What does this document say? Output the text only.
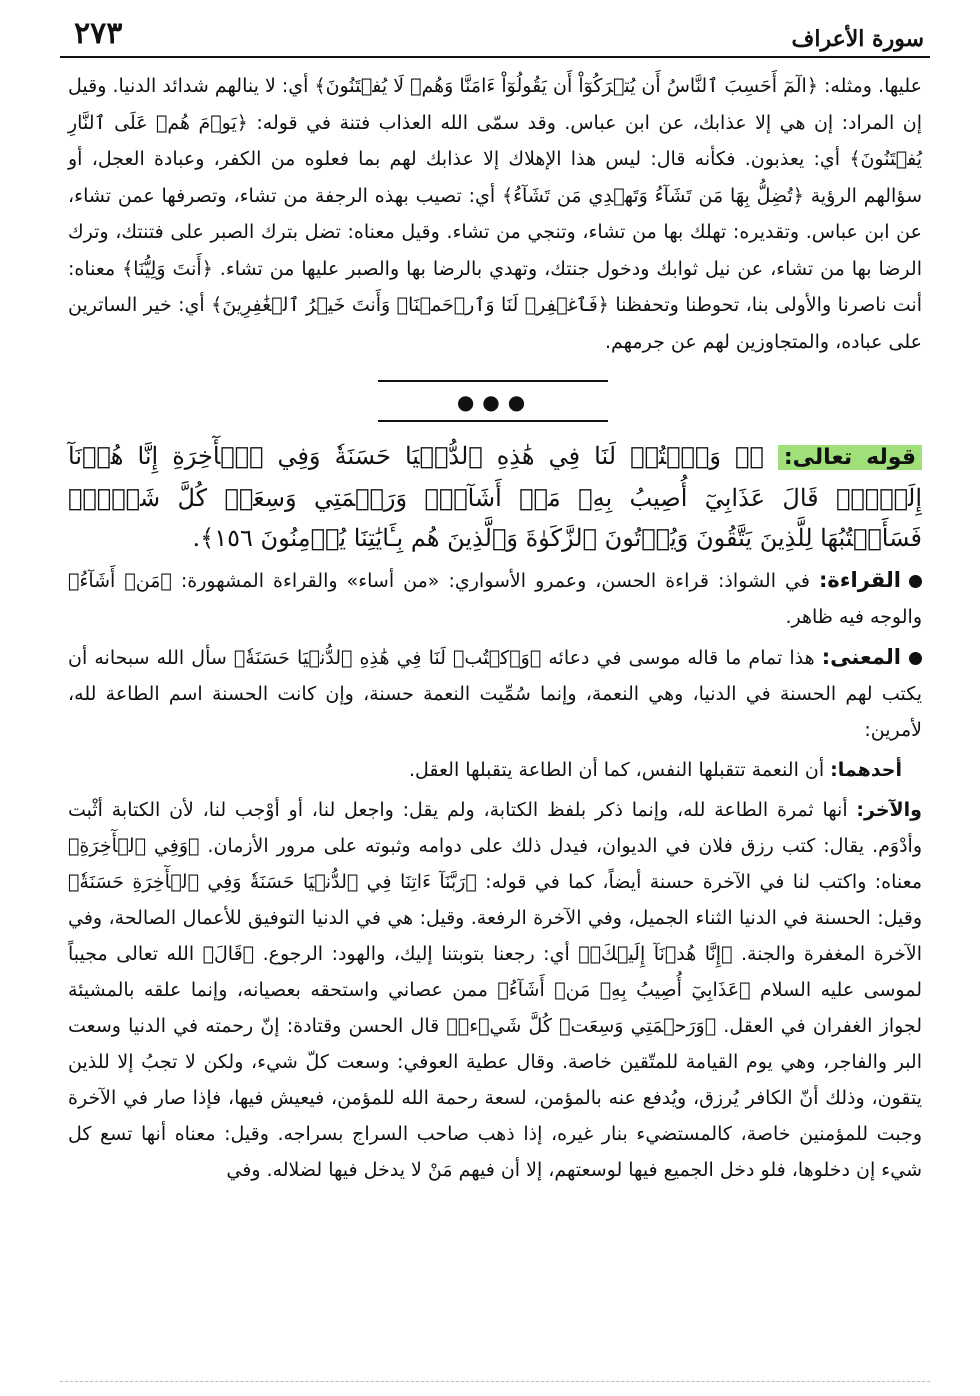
سورة الأعراف
٢٧٣

عليها. ومثله: ﴿الٓمٓ أَحَسِبَ ٱلنَّاسُ أَن يُتۡرَكُوٓاْ أَن يَقُولُوٓاْ ءَامَنَّا وَهُمۡ لَا يُفۡتَنُونَ﴾ أي: لا ينالهم شدائد الدنيا. وقيل إن المراد: إن هي إلا عذابك، عن ابن عباس. وقد سمّى الله العذاب فتنة في قوله: ﴿يَوۡمَ هُمۡ عَلَى ٱلنَّارِ يُفۡتَنُونَ﴾ أي: يعذبون. فكأنه قال: ليس هذا الإهلاك إلا عذابك لهم بما فعلوه من الكفر، وعبادة العجل، أو سؤالهم الرؤية ﴿تُضِلُّ بِهَا مَن تَشَآءُ وَتَهۡدِي مَن تَشَآءُ﴾ أي: تصيب بهذه الرجفة من تشاء، وتصرفها عمن تشاء، عن ابن عباس. وتقديره: تهلك بها من تشاء، وتنجي من تشاء. وقيل معناه: تضل بترك الصبر على فتنتك، وترك الرضا بها من تشاء، عن نيل ثوابك ودخول جنتك، وتهدي بالرضا بها والصبر عليها من تشاء. ﴿أَنتَ وَلِيُّنَا﴾ معناه: أنت ناصرنا والأولى بنا، تحوطنا وتحفظنا ﴿فَٱغۡفِرۡ لَنَا وَٱرۡحَمۡنَاۖ وَأَنتَ خَيۡرُ ٱلۡغَٰفِرِينَ﴾ أي: خير الساترين على عباده، والمتجاوزين لهم عن جرمهم.

●●●

قوله تعالى: ﴿۞ وَٱكۡتُبۡ لَنَا فِي هَٰذِهِ ٱلدُّنۡيَا حَسَنَةٗ وَفِي ٱلۡأٓخِرَةِ إِنَّا هُدۡنَآ إِلَيۡكَۚ قَالَ عَذَابِيٓ أُصِيبُ بِهِۦ مَنۡ أَشَآءُۖ وَرَحۡمَتِي وَسِعَتۡ كُلَّ شَيۡءٖۚ فَسَأَكۡتُبُهَا لِلَّذِينَ يَتَّقُونَ وَيُؤۡتُونَ ٱلزَّكَوٰةَ وَٱلَّذِينَ هُم بِـَٔايَٰتِنَا يُؤۡمِنُونَ ١٥٦﴾.

القراءة: في الشواذ: قراءة الحسن، وعمرو الأسواري: «من أساء» والقراءة المشهورة: ﴿مَنۡ أَشَآءُ﴾ والوجه فيه ظاهر.

المعنى: هذا تمام ما قاله موسى في دعائه ﴿وَٱكۡتُبۡ لَنَا فِي هَٰذِهِ ٱلدُّنۡيَا حَسَنَةٗ﴾ سأل الله سبحانه أن يكتب لهم الحسنة في الدنيا، وهي النعمة، وإنما سُمِّيت النعمة حسنة، وإن كانت الحسنة اسم الطاعة لله، لأمرين:

أحدهما: أن النعمة تتقبلها النفس، كما أن الطاعة يتقبلها العقل.

والآخر: أنها ثمرة الطاعة لله، وإنما ذكر بلفظ الكتابة، ولم يقل: واجعل لنا، أو أوْجب لنا، لأن الكتابة أثْبت وأدْوَم. يقال: كتب رزق فلان في الديوان، فيدل ذلك على دوامه وثبوته على مرور الأزمان. ﴿وَفِي ٱلۡأٓخِرَةِ﴾ معناه: واكتب لنا في الآخرة حسنة أيضاً، كما في قوله: ﴿رَبَّنَآ ءَاتِنَا فِي ٱلدُّنۡيَا حَسَنَةٗ وَفِي ٱلۡأٓخِرَةِ حَسَنَةٗ﴾ وقيل: الحسنة في الدنيا الثناء الجميل، وفي الآخرة الرفعة. وقيل: هي في الدنيا التوفيق للأعمال الصالحة، وفي الآخرة المغفرة والجنة. ﴿إِنَّا هُدۡنَآ إِلَيۡكَۚ﴾ أي: رجعنا بتوبتنا إليك، والهود: الرجوع. ﴿قَالَ﴾ الله تعالى مجيباً لموسى عليه السلام ﴿عَذَابِيٓ أُصِيبُ بِهِۦ مَنۡ أَشَآءُ﴾ ممن عصاني واستحقه بعصيانه، وإنما علقه بالمشيئة لجواز الغفران في العقل. ﴿وَرَحۡمَتِي وَسِعَتۡ كُلَّ شَيۡءٖ﴾ قال الحسن وقتادة: إنّ رحمته في الدنيا وسعت البر والفاجر، وهي يوم القيامة للمتّقين خاصة. وقال عطية العوفي: وسعت كلّ شيء، ولكن لا تجبُ إلا للذين يتقون، وذلك أنّ الكافر يُرزق، ويُدفع عنه بالمؤمن، لسعة رحمة الله للمؤمن، فيعيش فيها، فإذا صار في الآخرة وجبت للمؤمنين خاصة، كالمستضيء بنار غيره، إذا ذهب صاحب السراج بسراجه. وقيل: معناه أنها تسع كل شيء إن دخلوها، فلو دخل الجميع فيها لوسعتهم، إلا أن فيهم مَنْ لا يدخل فيها لضلاله. وفي
